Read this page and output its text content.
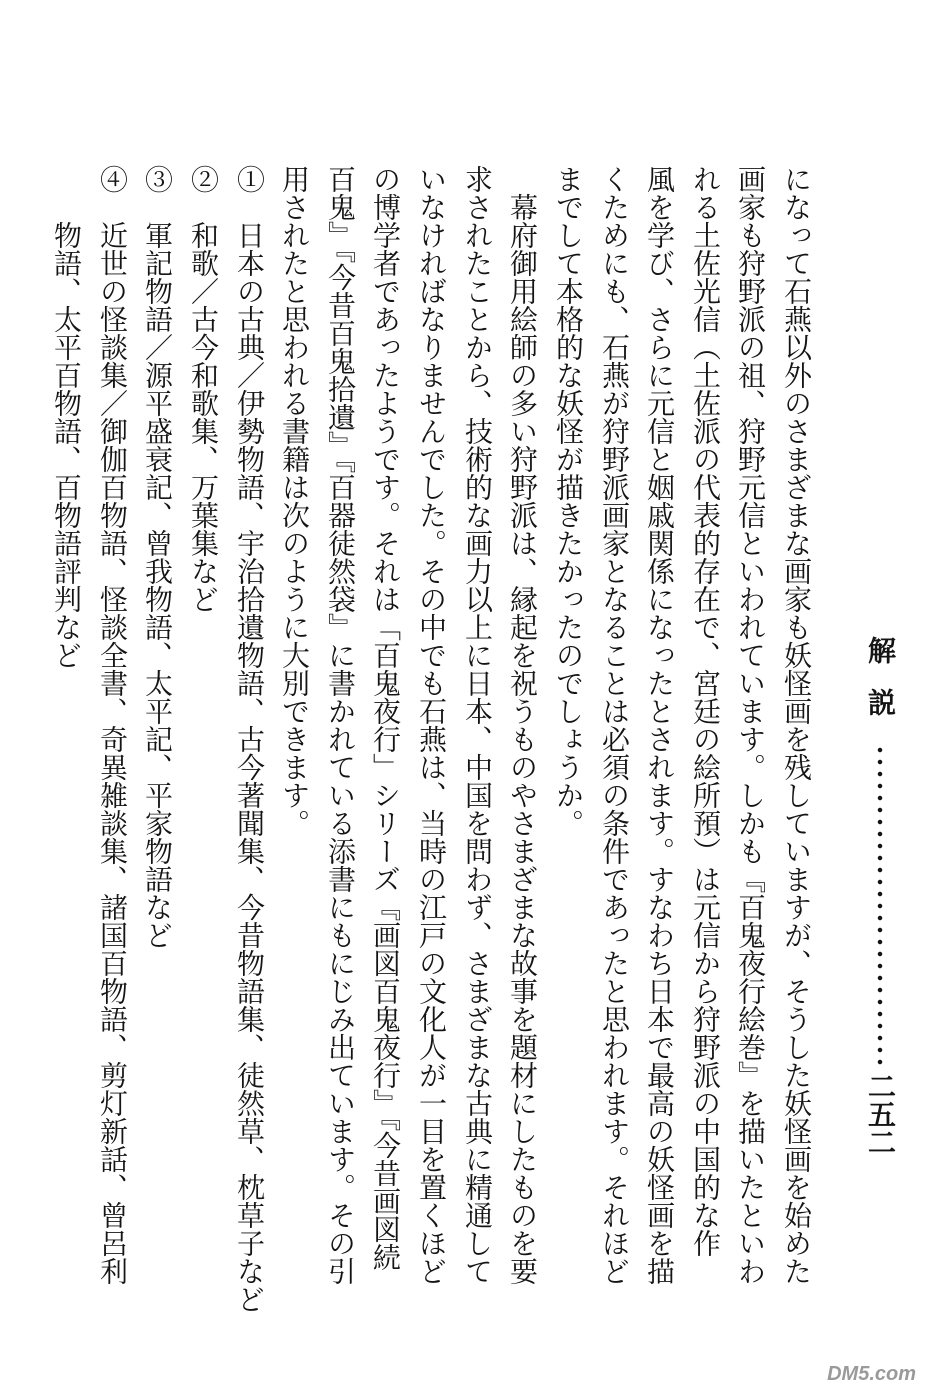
解説
二五二
になって石燕以外のさまざまな画家も妖怪画を残していますが、そうした妖怪画を始めた
画家も狩野派の祖、狩野元信といわれています。しかも『百鬼夜行絵巻』を描いたといわ
れる土佐光信（土佐派の代表的存在で、宮廷の絵所預）は元信から狩野派の中国的な作
風を学び、さらに元信と姻戚関係になったとされます。すなわち日本で最高の妖怪画を描
くためにも、石燕が狩野派画家となることは必須の条件であったと思われます。それほど
までして本格的な妖怪が描きたかったのでしょうか。
　幕府御用絵師の多い狩野派は、縁起を祝うものやさまざまな故事を題材にしたものを要
求されたことから、技術的な画力以上に日本、中国を問わず、さまざまな古典に精通して
いなければなりませんでした。その中でも石燕は、当時の江戸の文化人が一目を置くほど
の博学者であったようです。それは「百鬼夜行」シリーズ『画図百鬼夜行』『今昔画図続
百鬼』『今昔百鬼拾遺』『百器徒然袋』に書かれている添書にもにじみ出ています。その引
用されたと思われる書籍は次のように大別できます。
①　日本の古典／伊勢物語、宇治拾遺物語、古今著聞集、今昔物語集、徒然草、枕草子など
②　和歌／古今和歌集、万葉集など
③　軍記物語／源平盛衰記、曾我物語、太平記、平家物語など
④　近世の怪談集／御伽百物語、怪談全書、奇異雑談集、諸国百物語、剪灯新話、曾呂利
　　物語、太平百物語、百物語評判など
DM5.com
